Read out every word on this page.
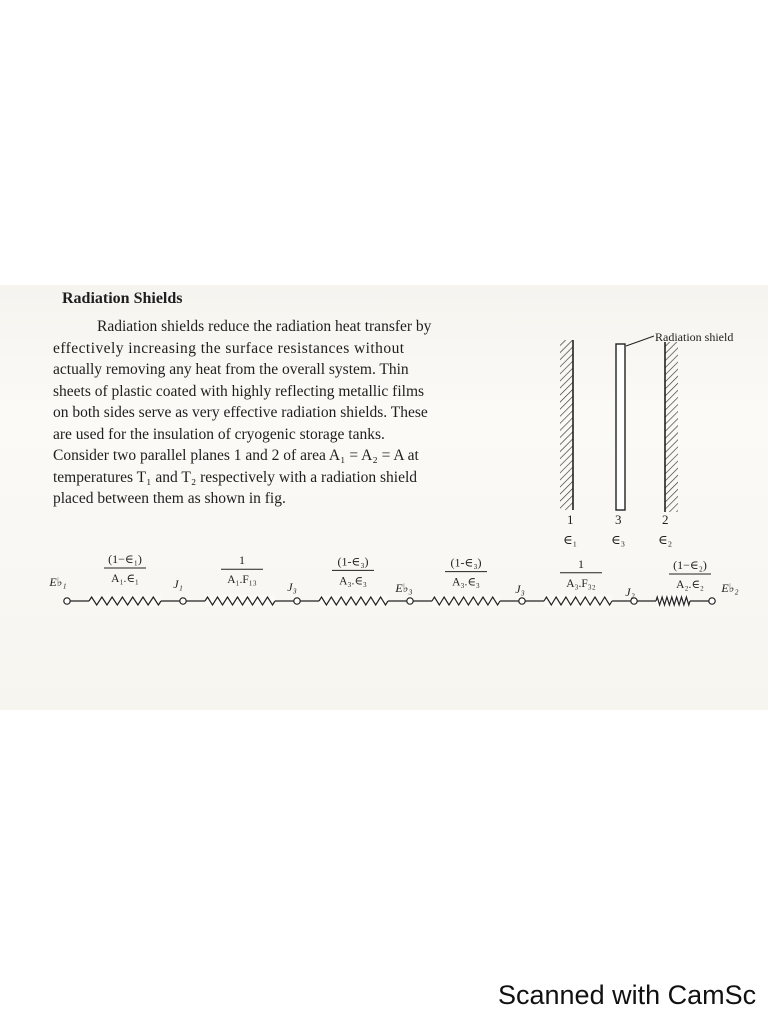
Radiation Shields

Radiation shields reduce the radiation heat transfer by
effectively increasing the surface resistances without
actually removing any heat from the overall system. Thin
sheets of plastic coated with highly reflecting metallic films
on both sides serve as very effective radiation shields. These
are used for the insulation of cryogenic storage tanks.
Consider two parallel planes 1 and 2 of area A₁ = A₂ = A at
temperatures T₁ and T₂ respectively with a radiation shield
placed between them as shown in fig.

Radiation shield
1	3	2
∈₁	∈₃	∈₂
E♭₁	J₁	J₃	E♭₃	J₃	J₂	E♭₂
(1−∈₁)
A₁.∈₁
1
A₁.F₁₃
(1-∈₃)
A₃.∈₃
(1-∈₃)
A₃.∈₃
1
A₃.F₃₂
(1−∈₂)
A₂.∈₂
Scanned with CamSc
